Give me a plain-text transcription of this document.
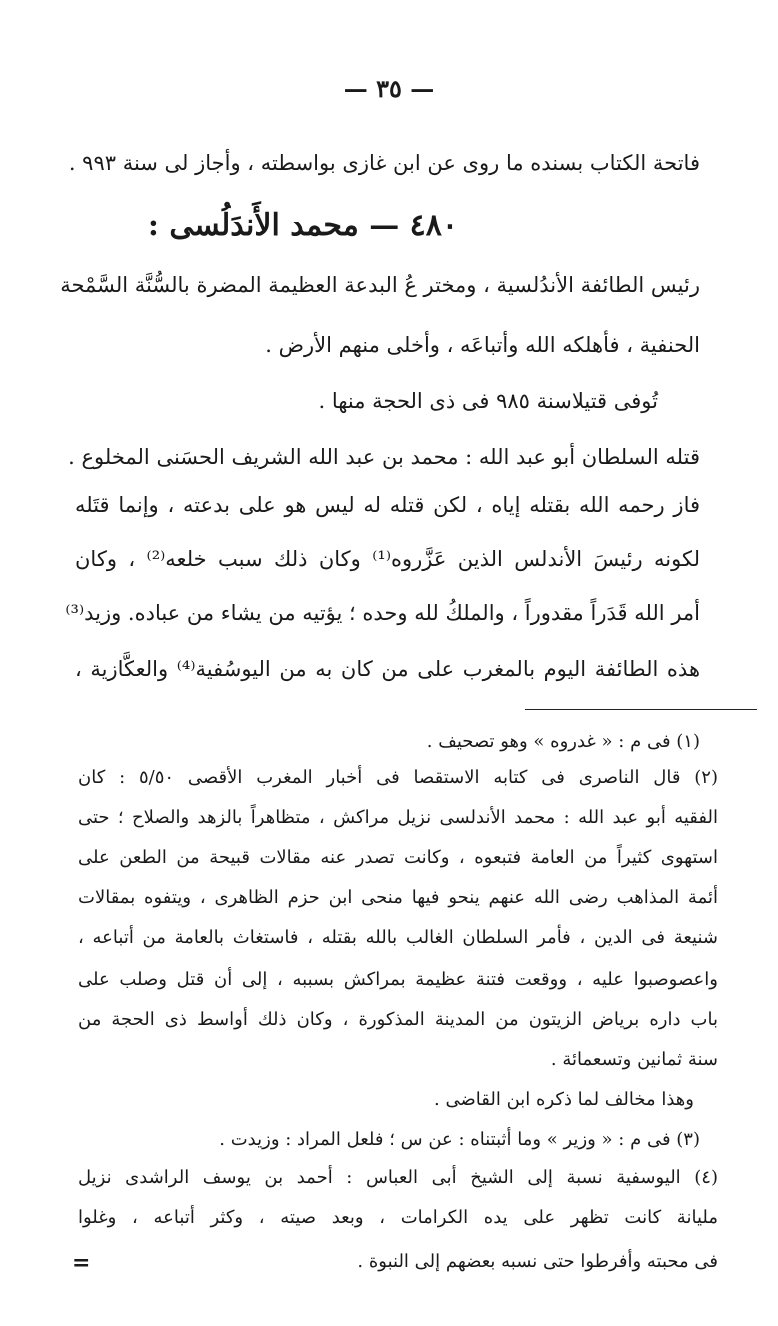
— ٣٥ —
فاتحة الكتاب بسنده ما روى عن ابن غازى بواسطته ، وأجاز لى سنة ٩٩٣ .
٤٨٠ — محمد الأَندَلُسى :
رئيس الطائفة الأندُلسية ، ومختر عُ البدعة العظيمة المضرة بالسُّنَّة السَّمْحة
الحنفية ، فأهلكه الله وأتباعَه ، وأخلى منهم الأرض .
تُوفى قتيلاسنة ٩٨٥ فى ذى الحجة منها .
قتله السلطان أبو عبد الله : محمد بن عبد الله الشريف الحسَنى المخلوع .
فاز رحمه الله بقتله إياه ، لكن قتله له ليس هو على بدعته ، وإنما قتَله
لكونه رئيسَ الأندلس الذين عَزَّروه⁽¹⁾ وكان ذلك سبب خلعه⁽²⁾ ، وكان
أمر الله قَدَراً مقدوراً ، والملكُ لله وحده ؛ يؤتيه من يشاء من عباده. وزيد⁽³⁾
هذه الطائفة اليوم بالمغرب على من كان به من اليوسُفية⁽⁴⁾ والعكَّازية ،
(١) فى م : « غدروه » وهو تصحيف .
(٢) قال الناصرى فى كتابه الاستقصا فى أخبار المغرب الأقصى ٥/٥٠ : كان
الفقيه أبو عبد الله : محمد الأندلسى نزيل مراكش ، متظاهراً بالزهد والصلاح ؛ حتى
استهوى كثيراً من العامة فتبعوه ، وكانت تصدر عنه مقالات قبيحة من الطعن على
أئمة المذاهب رضى الله عنهم ينحو فيها منحى ابن حزم الظاهرى ، ويتفوه بمقالات
شنيعة فى الدين ، فأمر السلطان الغالب بالله بقتله ، فاستغاث بالعامة من أتباعه ،
واعصوصبوا عليه ، ووقعت فتنة عظيمة بمراكش بسببه ، إلى أن قتل وصلب على
باب داره برياض الزيتون من المدينة المذكورة ، وكان ذلك أواسط ذى الحجة من
سنة ثمانين وتسعمائة .
وهذا مخالف لما ذكره ابن القاضى .
(٣) فى م : « وزير » وما أثبتناه : عن س ؛ فلعل المراد : وزيدت .
(٤) اليوسفية نسبة إلى الشيخ أبى العباس : أحمد بن يوسف الراشدى نزيل
مليانة كانت تظهر على يده الكرامات ، وبعد صيته ، وكثر أتباعه ، وغلوا
فى محبته وأفرطوا حتى نسبه بعضهم إلى النبوة .
=
